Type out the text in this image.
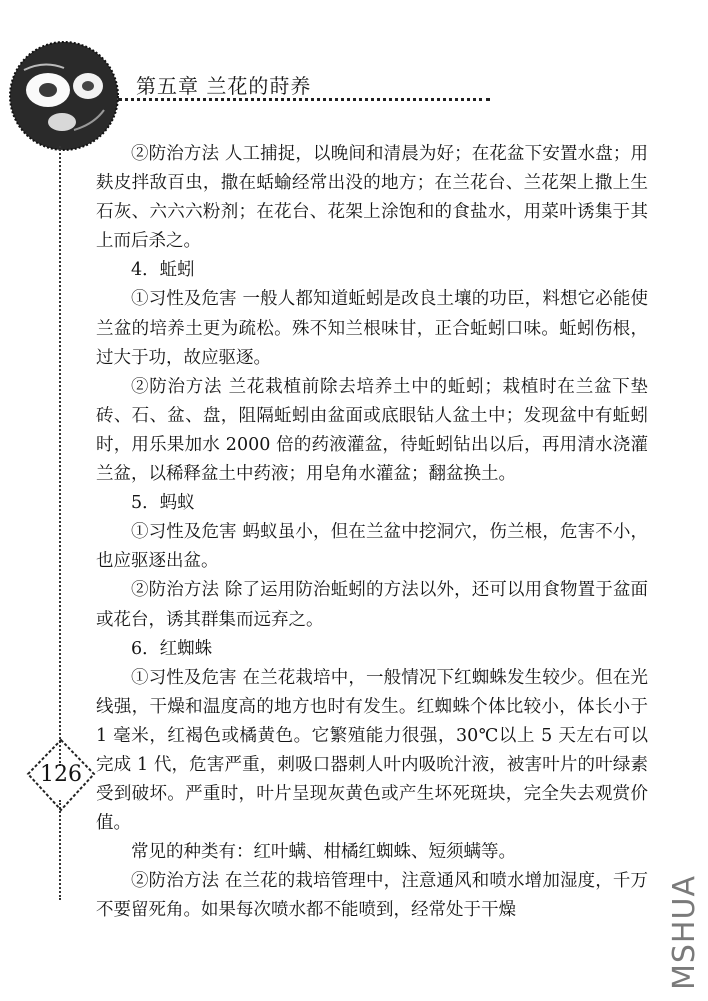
第五章 兰花的莳养
126

②防治方法 人工捕捉，以晚间和清晨为好；在花盆下安置水盘；用麸皮拌敌百虫，撒在蛞蝓经常出没的地方；在兰花台、兰花架上撒上生石灰、六六六粉剂；在花台、花架上涂饱和的食盐水，用菜叶诱集于其上而后杀之。

4．蚯蚓

①习性及危害 一般人都知道蚯蚓是改良土壤的功臣，料想它必能使兰盆的培养土更为疏松。殊不知兰根味甘，正合蚯蚓口味。蚯蚓伤根，过大于功，故应驱逐。

②防治方法 兰花栽植前除去培养土中的蚯蚓；栽植时在兰盆下垫砖、石、盆、盘，阻隔蚯蚓由盆面或底眼钻人盆土中；发现盆中有蚯蚓时，用乐果加水 2000 倍的药液灌盆，待蚯蚓钻出以后，再用清水浇灌兰盆，以稀释盆土中药液；用皂角水灌盆；翻盆换土。

5．蚂蚁

①习性及危害 蚂蚁虽小，但在兰盆中挖洞穴，伤兰根，危害不小，也应驱逐出盆。

②防治方法 除了运用防治蚯蚓的方法以外，还可以用食物置于盆面或花台，诱其群集而远弃之。

6．红蜘蛛

①习性及危害 在兰花栽培中，一般情况下红蜘蛛发生较少。但在光线强，干燥和温度高的地方也时有发生。红蜘蛛个体比较小，体长小于 1 毫米，红褐色或橘黄色。它繁殖能力很强，30℃以上 5 天左右可以完成 1 代，危害严重，刺吸口器刺人叶内吸吮汁液，被害叶片的叶绿素受到破坏。严重时，叶片呈现灰黄色或产生坏死斑块，完全失去观赏价值。

常见的种类有：红叶螨、柑橘红蜘蛛、短须螨等。

②防治方法 在兰花的栽培管理中，注意通风和喷水增加湿度，千万不要留死角。如果每次喷水都不能喷到，经常处于干燥	MSHUA
